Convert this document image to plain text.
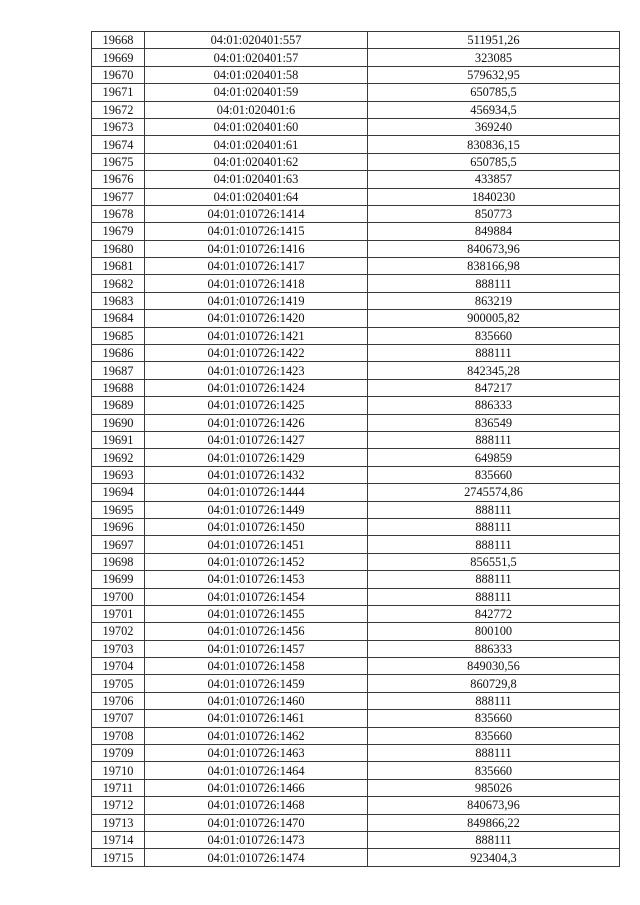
19668	04:01:020401:557	511951,26
19669	04:01:020401:57	323085
19670	04:01:020401:58	579632,95
19671	04:01:020401:59	650785,5
19672	04:01:020401:6	456934,5
19673	04:01:020401:60	369240
19674	04:01:020401:61	830836,15
19675	04:01:020401:62	650785,5
19676	04:01:020401:63	433857
19677	04:01:020401:64	1840230
19678	04:01:010726:1414	850773
19679	04:01:010726:1415	849884
19680	04:01:010726:1416	840673,96
19681	04:01:010726:1417	838166,98
19682	04:01:010726:1418	888111
19683	04:01:010726:1419	863219
19684	04:01:010726:1420	900005,82
19685	04:01:010726:1421	835660
19686	04:01:010726:1422	888111
19687	04:01:010726:1423	842345,28
19688	04:01:010726:1424	847217
19689	04:01:010726:1425	886333
19690	04:01:010726:1426	836549
19691	04:01:010726:1427	888111
19692	04:01:010726:1429	649859
19693	04:01:010726:1432	835660
19694	04:01:010726:1444	2745574,86
19695	04:01:010726:1449	888111
19696	04:01:010726:1450	888111
19697	04:01:010726:1451	888111
19698	04:01:010726:1452	856551,5
19699	04:01:010726:1453	888111
19700	04:01:010726:1454	888111
19701	04:01:010726:1455	842772
19702	04:01:010726:1456	800100
19703	04:01:010726:1457	886333
19704	04:01:010726:1458	849030,56
19705	04:01:010726:1459	860729,8
19706	04:01:010726:1460	888111
19707	04:01:010726:1461	835660
19708	04:01:010726:1462	835660
19709	04:01:010726:1463	888111
19710	04:01:010726:1464	835660
19711	04:01:010726:1466	985026
19712	04:01:010726:1468	840673,96
19713	04:01:010726:1470	849866,22
19714	04:01:010726:1473	888111
19715	04:01:010726:1474	923404,3
